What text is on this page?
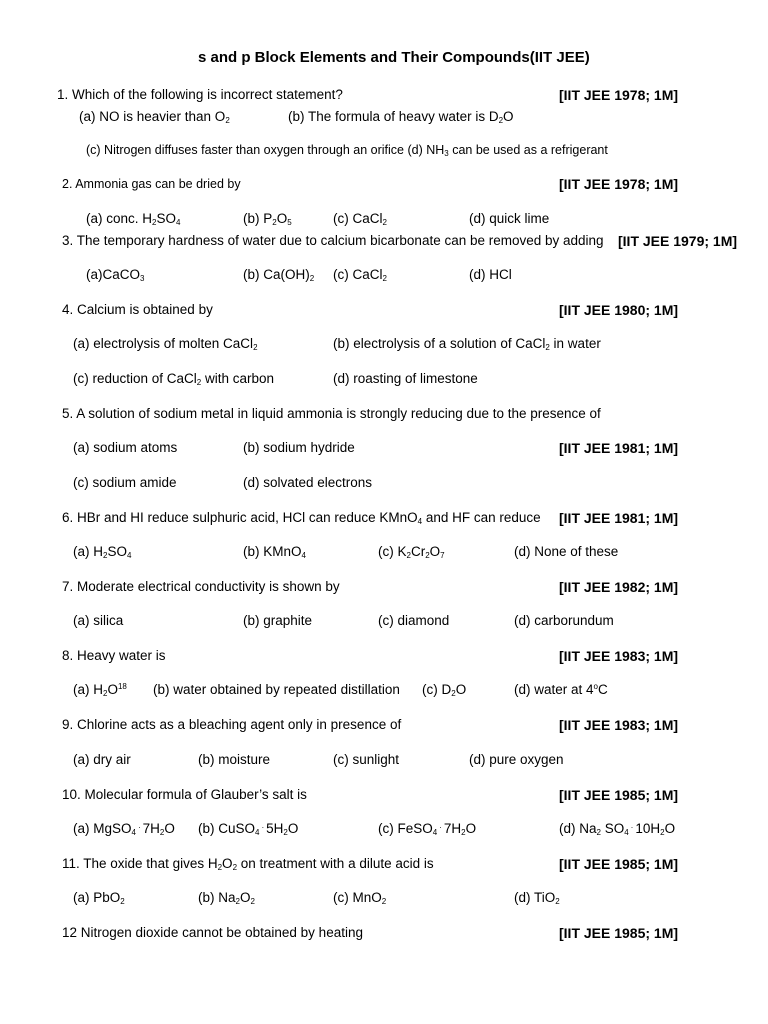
s and p Block Elements and Their Compounds(IIT JEE)
1. Which of the following is incorrect statement?	[IIT JEE 1978; 1M]
(a) NO is heavier than $O_2$	(b) The formula of heavy water is $D_2O$
(c) Nitrogen diffuses faster than oxygen through an orifice (d) $NH_3$ can be used as a refrigerant
2. Ammonia gas can be dried by	[IIT JEE 1978; 1M]
(a) conc. $H_2SO_4$	(b) $P_2O_5$	(c) CaCl$_2$	(d) quick lime
3. The temporary hardness of water due to calcium bicarbonate can be removed by adding [IIT JEE 1979; 1M]
(a)CaCO$_3$	(b) $Ca(OH)_2$ (c) CaCl$_2$	(d) HCl
4. Calcium is obtained by	[IIT JEE 1980; 1M]
(a) electrolysis of molten CaCl$_2$	(b) electrolysis of a solution of CaCl$_2$ in water
(c) reduction of CaCl$_2$ with carbon	(d) roasting of limestone
5. A solution of sodium metal in liquid ammonia is strongly reducing due to the presence of
[IIT JEE 1981; 1M]
(a) sodium atoms	(b) sodium hydride
(c) sodium amide	(d) solvated electrons
6. HBr and HI reduce sulphuric acid, HCl can reduce KMnO$_4$ and HF can reduce [IIT JEE 1981; 1M]
(a) $H_2SO_4$	(b) KMnO$_4$	(c) $K_2Cr_2O_7$	(d) None of these
7. Moderate electrical conductivity is shown by	[IIT JEE 1982; 1M]
(a) silica	(b) graphite	(c) diamond	(d) carborundum
8. Heavy water is	[IIT JEE 1983; 1M]
(a) $H_2O^{18}$ (b) water obtained by repeated distillation (c) $D_2O$	(d) water at 4$^o$C
9. Chlorine acts as a bleaching agent only in presence of	[IIT JEE 1983; 1M]
(a) dry air	(b) moisture	(c) sunlight	(d) pure oxygen
10. Molecular formula of Glauber’s salt is	[IIT JEE 1985; 1M]
(a) MgSO$_4$ . $7H_2O$ (b) CuSO$_4$ . $5H_2O$	(c) FeSO$_4$ . $7H_2O$	(d) $Na_2$ $SO_4$ . $10H_2O$
11. The oxide that gives $H_2O_2$ on treatment with a dilute acid is	[IIT JEE 1985; 1M]
(a) PbO$_2$	(b) $Na_2O_2$	(c) MnO$_2$	(d) TiO$_2$
12 Nitrogen dioxide cannot be obtained by heating	[IIT JEE 1985; 1M]
